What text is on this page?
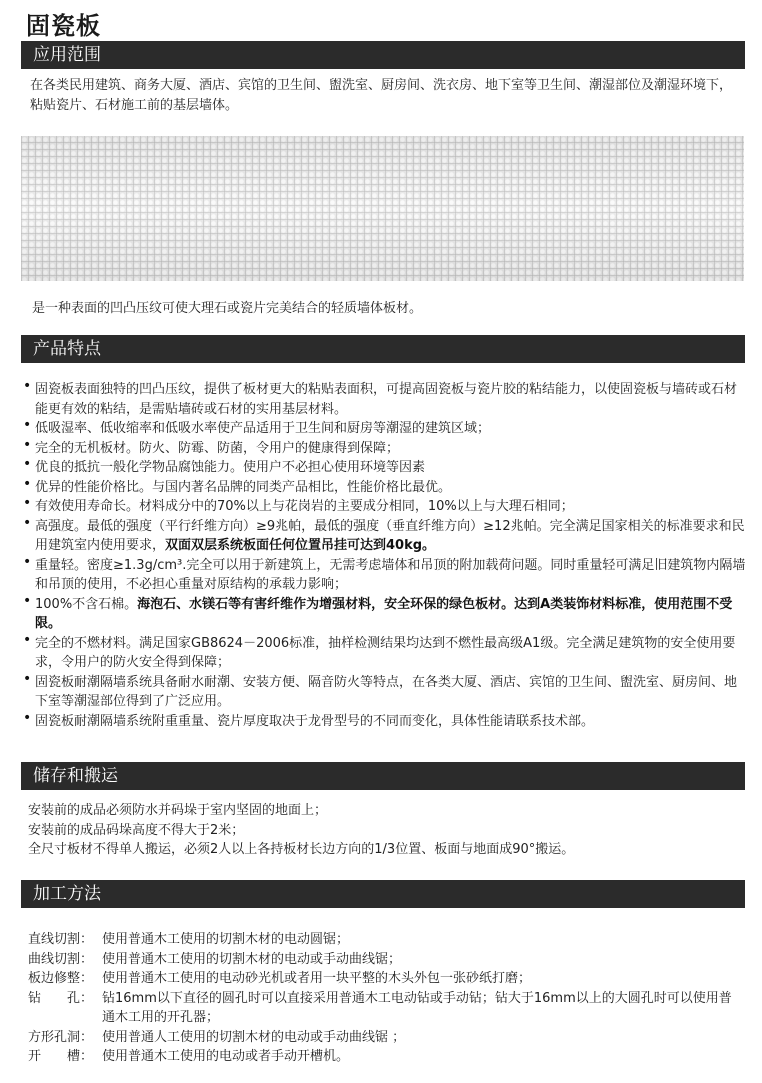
固瓷板
应用范围
在各类民用建筑、商务大厦、酒店、宾馆的卫生间、盥洗室、厨房间、洗衣房、地下室等卫生间、潮湿部位及潮湿环境下，粘贴瓷片、石材施工前的基层墙体。
是一种表面的凹凸压纹可使大理石或瓷片完美结合的轻质墙体板材。
产品特点
• 固瓷板表面独特的凹凸压纹，提供了板材更大的粘贴表面积，可提高固瓷板与瓷片胶的粘结能力，以使固瓷板与墙砖或石材能更有效的粘结，是需贴墙砖或石材的实用基层材料。
• 低吸湿率、低收缩率和低吸水率使产品适用于卫生间和厨房等潮湿的建筑区域；
• 完全的无机板材。防火、防霉、防菌，令用户的健康得到保障；
• 优良的抵抗一般化学物品腐蚀能力。使用户不必担心使用环境等因素
• 优异的性能价格比。与国内著名品牌的同类产品相比，性能价格比最优。
• 有效使用寿命长。材料成分中的70%以上与花岗岩的主要成分相同，10%以上与大理石相同；
• 高强度。最低的强度（平行纤维方向）≥9兆帕，最低的强度（垂直纤维方向）≥12兆帕。完全满足国家相关的标准要求和民用建筑室内使用要求，双面双层系统板面任何位置吊挂可达到40kg。
• 重量轻。密度≥1.3g/cm³.完全可以用于新建筑上，无需考虑墙体和吊顶的附加载荷问题。同时重量轻可满足旧建筑物内隔墙和吊顶的使用，不必担心重量对原结构的承载力影响；
• 100%不含石棉。海泡石、水镁石等有害纤维作为增强材料，安全环保的绿色板材。达到A类装饰材料标准，使用范围不受限。
• 完全的不燃材料。满足国家GB8624－2006标准，抽样检测结果均达到不燃性最高级A1级。完全满足建筑物的安全使用要求，令用户的防火安全得到保障；
• 固瓷板耐潮隔墙系统具备耐水耐潮、安装方便、隔音防火等特点，在各类大厦、酒店、宾馆的卫生间、盥洗室、厨房间、地下室等潮湿部位得到了广泛应用。
• 固瓷板耐潮隔墙系统附重重量、瓷片厚度取决于龙骨型号的不同而变化，具体性能请联系技术部。
储存和搬运
安装前的成品必须防水并码垛于室内坚固的地面上；
安装前的成品码垛高度不得大于2米；
全尺寸板材不得单人搬运，必须2人以上各持板材长边方向的1/3位置、板面与地面成90°搬运。
加工方法
直线切割： 使用普通木工使用的切割木材的电动圆锯；
曲线切割： 使用普通木工使用的切割木材的电动或手动曲线锯；
板边修整： 使用普通木工使用的电动砂光机或者用一块平整的木头外包一张砂纸打磨；
钻　　孔： 钻16mm以下直径的圆孔时可以直接采用普通木工电动钻或手动钻；钻大于16mm以上的大圆孔时可以使用普通木工用的开孔器；
方形孔洞： 使用普通人工使用的切割木材的电动或手动曲线锯 ；
开　　槽： 使用普通木工使用的电动或者手动开槽机。
